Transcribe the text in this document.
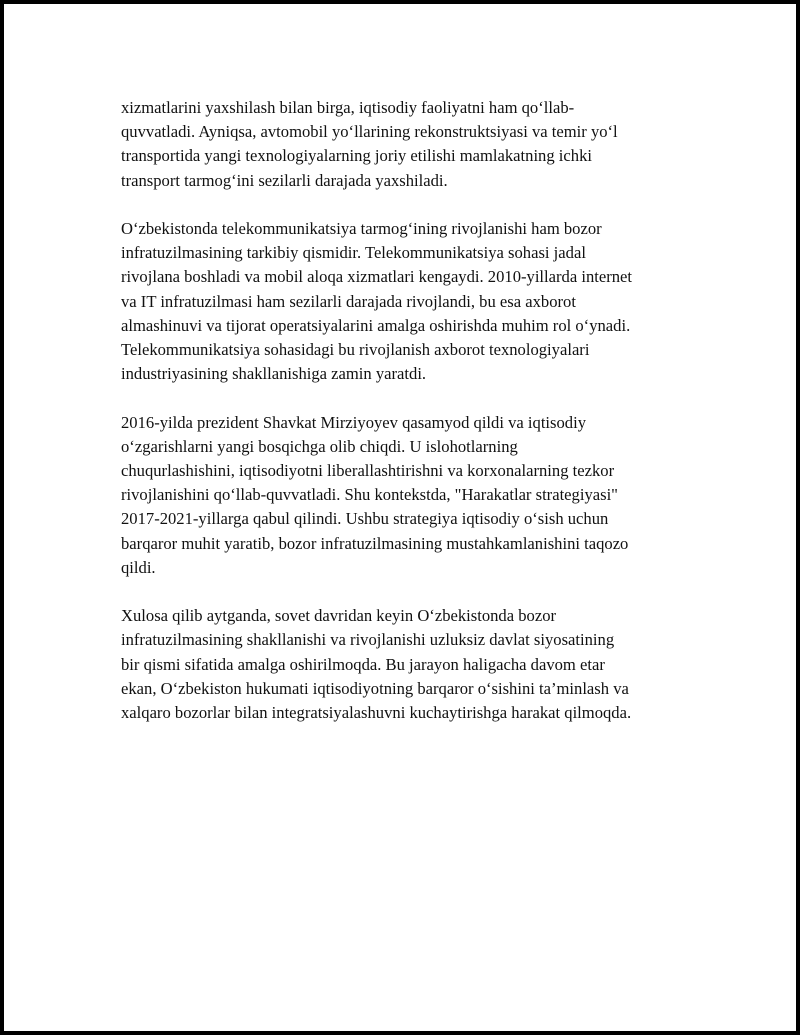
xizmatlarini yaxshilash bilan birga, iqtisodiy faoliyatni ham qo‘llab-
quvvatladi. Ayniqsa, avtomobil yo‘llarining rekonstruktsiyasi va temir yo‘l
transportida yangi texnologiyalarning joriy etilishi mamlakatning ichki
transport tarmog‘ini sezilarli darajada yaxshiladi.

O‘zbekistonda telekommunikatsiya tarmog‘ining rivojlanishi ham bozor
infratuzilmasining tarkibiy qismidir. Telekommunikatsiya sohasi jadal
rivojlana boshladi va mobil aloqa xizmatlari kengaydi. 2010-yillarda internet
va IT infratuzilmasi ham sezilarli darajada rivojlandi, bu esa axborot
almashinuvi va tijorat operatsiyalarini amalga oshirishda muhim rol o‘ynadi.
Telekommunikatsiya sohasidagi bu rivojlanish axborot texnologiyalari
industriyasining shakllanishiga zamin yaratdi.

2016-yilda prezident Shavkat Mirziyoyev qasamyod qildi va iqtisodiy
o‘zgarishlarni yangi bosqichga olib chiqdi. U islohotlarning
chuqurlashishini, iqtisodiyotni liberallashtirishni va korxonalarning tezkor
rivojlanishini qo‘llab-quvvatladi. Shu kontekstda, "Harakatlar strategiyasi"
2017-2021-yillarga qabul qilindi. Ushbu strategiya iqtisodiy o‘sish uchun
barqaror muhit yaratib, bozor infratuzilmasining mustahkamlanishini taqozo
qildi.

Xulosa qilib aytganda, sovet davridan keyin O‘zbekistonda bozor
infratuzilmasining shakllanishi va rivojlanishi uzluksiz davlat siyosatining
bir qismi sifatida amalga oshirilmoqda. Bu jarayon haligacha davom etar
ekan, O‘zbekiston hukumati iqtisodiyotning barqaror o‘sishini ta’minlash va
xalqaro bozorlar bilan integratsiyalashuvni kuchaytirishga harakat qilmoqda.
